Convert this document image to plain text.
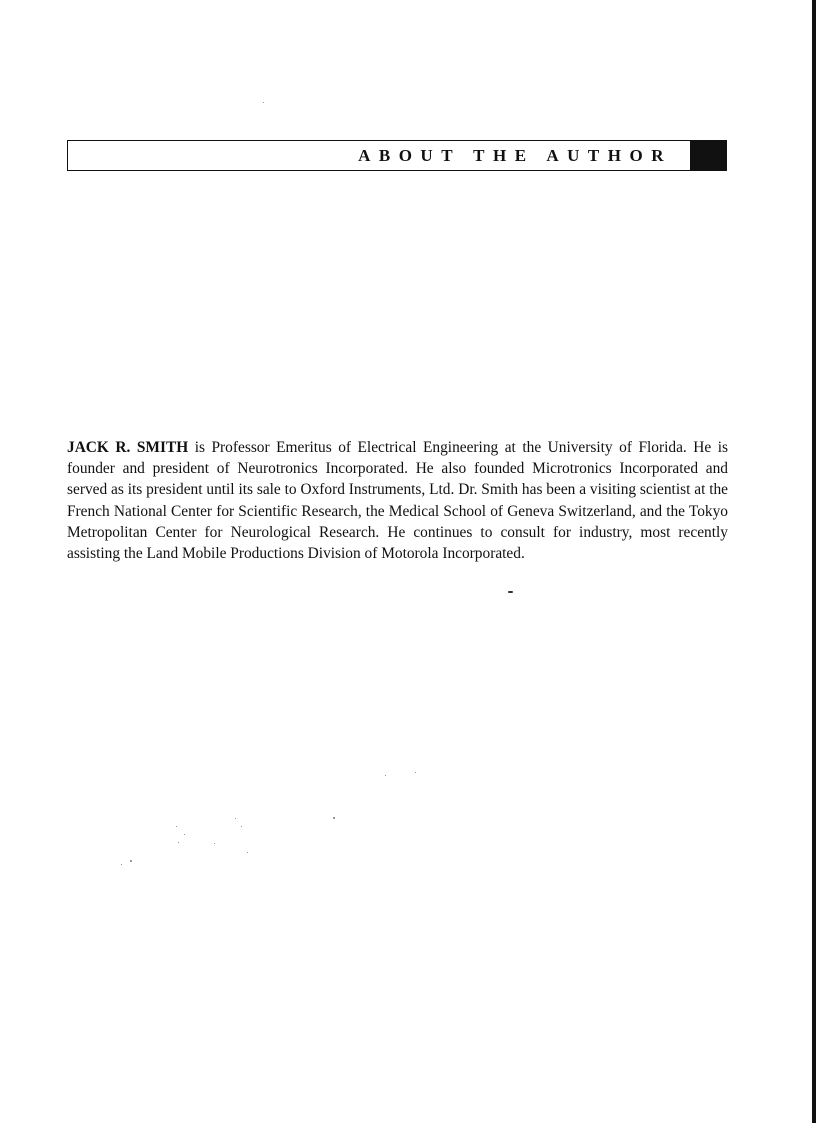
ABOUT THE AUTHOR

JACK R. SMITH is Professor Emeritus of Electrical Engineering at the University of Florida. He is founder and president of Neurotronics Incorporated. He also founded Microtronics Incorporated and served as its president until its sale to Oxford Instruments, Ltd. Dr. Smith has been a visiting scientist at the French National Center for Scientific Research, the Medical School of Geneva Switzerland, and the Tokyo Metropolitan Center for Neurological Research. He continues to consult for industry, most recently assisting the Land Mobile Productions Division of Motorola Incorporated.
